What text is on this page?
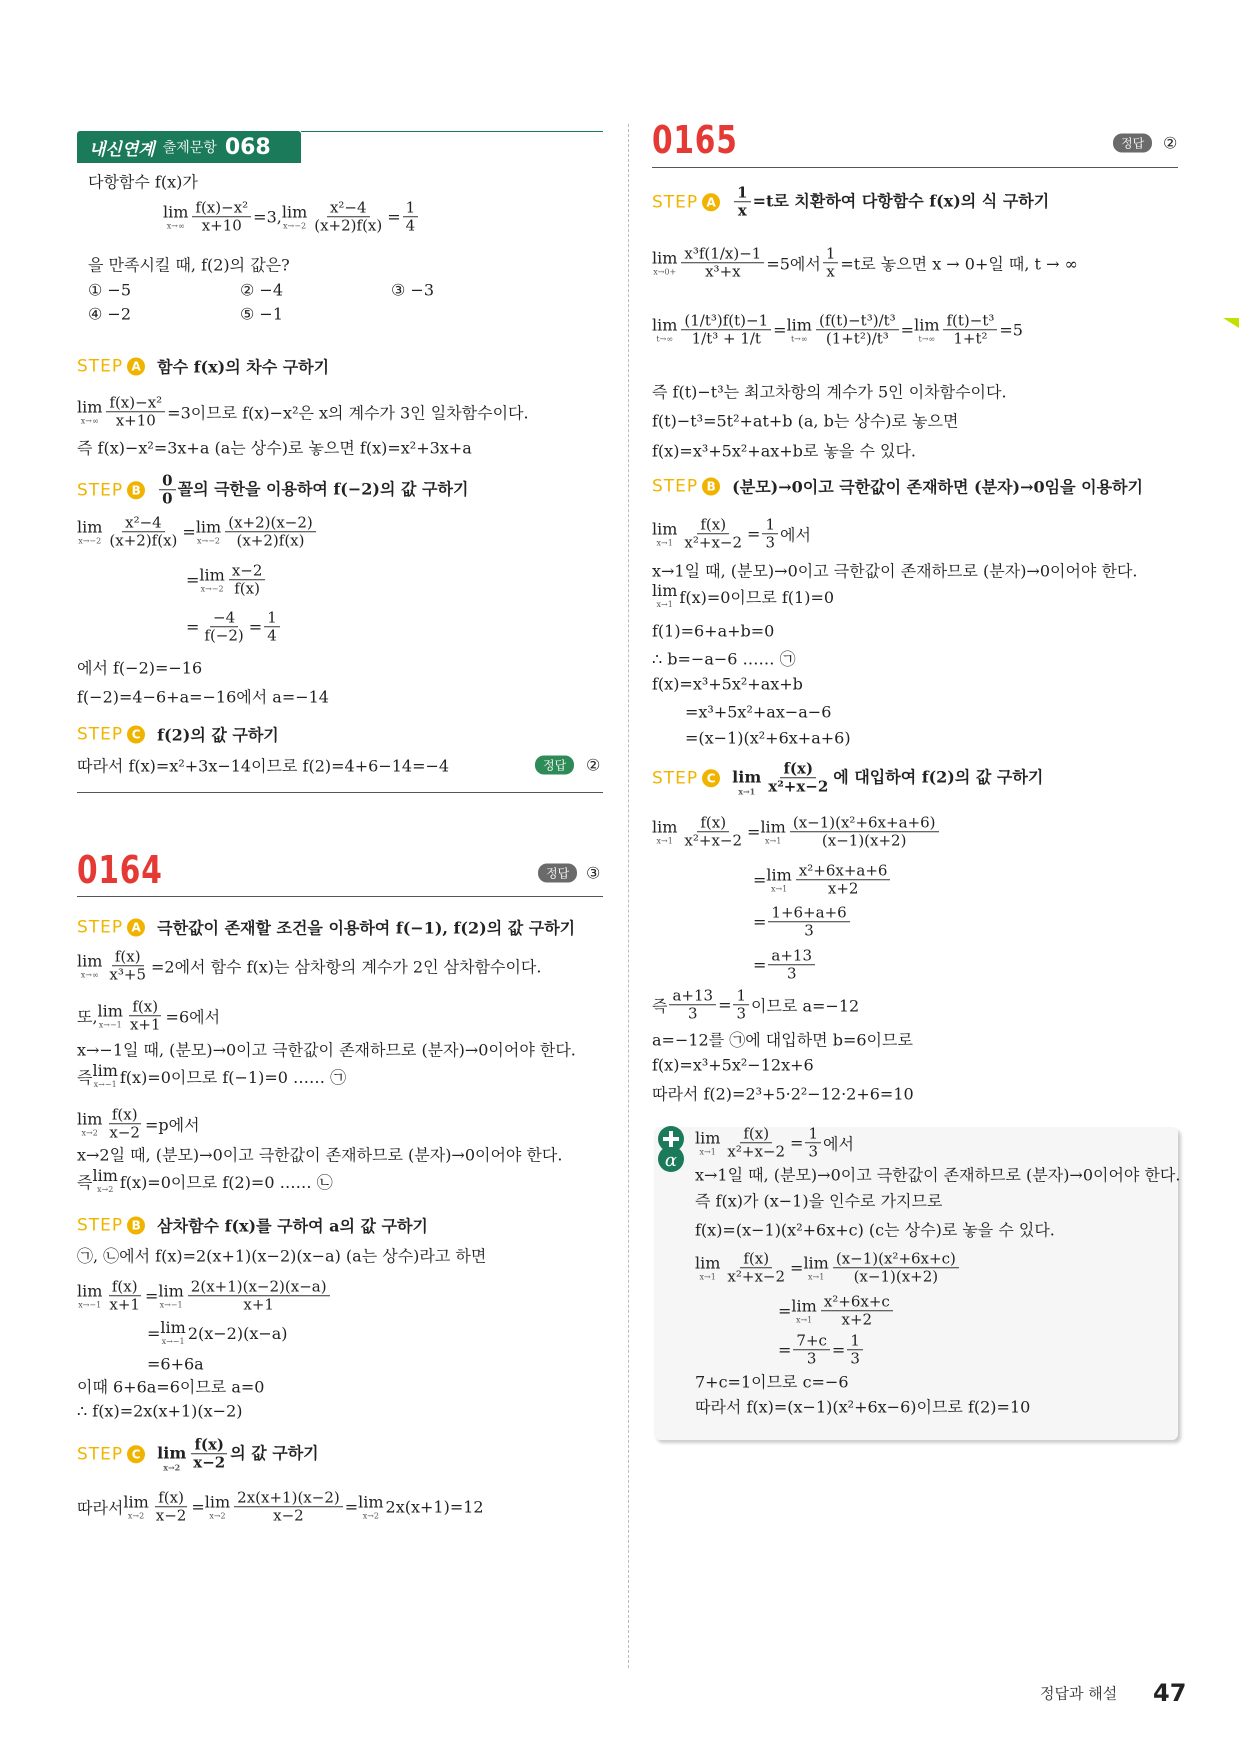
내신연계 출제문항 068
① −5	② −4	③ −3
④ −2	⑤ −1
정답	②
0164	정답	③
0165	정답	②
α
다항함수 f(x)가
lim
$x\to\infty \frac{\text{f(x)−x²}}{x+10} =3$, lim
$x\to-2 \frac{\text{x²−4}}{(x+2)f(x)} = \frac{1}{4}$
을 만족시킬 때, f(2)의 값은?
STEP A 함수 f(x)의 차수 구하기
lim
$x\to\infty \frac{\text{f(x)−x²}}{x+10} =3$이므로 f(x)−x²은 x의 계수가 3인 일차함수이다.
즉 f(x)−x²=3x+a (a는 상수)로 놓으면 f(x)=x²+3x+a
STEP B $\frac{0}{0}$ 꼴의 극한을 이용하여 f(−2)의 값 구하기
lim
$x\to-2 \frac{\text{x²−4}}{(x+2)f(x)} = \lim$
$x\to-2 \frac{(x+2)(x-2)}{(x+2)f(x)}$
= lim
$x\to-2 \frac{x-2}{f(x)}$
= $\frac{-4}{f(-2)} = \frac{1}{4}$
에서 f(−2)=−16
f(−2)=4−6+a=−16에서 a=−14
STEP C f(2)의 값 구하기
따라서 f(x)=x²+3x−14이므로 f(2)=4+6−14=−4
STEP A 극한값이 존재할 조건을 이용하여 f(−1), f(2)의 값 구하기
lim
$x\to\infty \frac{f(x)}{\text{x³+5}} =2$에서 함수 f(x)는 삼차항의 계수가 2인 삼차함수이다.
또, lim
$x\to-1 \frac{f(x)}{x+1} =6$에서
x→−1일 때, (분모)→0이고 극한값이 존재하므로 (분자)→0이어야 한다.
즉 lim
x→−1 f(x)=0이므로 f(−1)=0 …… ㉠
lim
$x\to 2 \frac{f(x)}{x-2} =p$에서
x→2일 때, (분모)→0이고 극한값이 존재하므로 (분자)→0이어야 한다.
즉 lim
x→2 f(x)=0이므로 f(2)=0 …… ㉡
STEP B 삼차함수 f(x)를 구하여 a의 값 구하기
㉠, ㉡에서 f(x)=2(x+1)(x−2)(x−a) (a는 상수)라고 하면
lim
$x\to-1 \frac{f(x)}{x+1} = \lim$
$x\to-1 \frac{2(x+1)(x-2)(x-a)}{x+1}$
= lim
x→−1 2(x−2)(x−a)
=6+6a
이때 6+6a=6이므로 a=0
∴ f(x)=2x(x+1)(x−2)
STEP C lim
$x\to 2 \frac{f(x)}{x-2}$ 의 값 구하기
따라서 lim
$x\to 2 \frac{f(x)}{x-2} = \lim$
$x\to 2 \frac{2x(x+1)(x-2)}{x-2} = \lim$
x→2 2x(x+1)=12
STEP A $\frac{1}{x} =t$로 치환하여 다항함수 f(x)의 식 구하기
lim
$x\to 0+ \frac{\text{x³f(1/x)−1}}{\text{x³+x}} =5$에서 $\frac{1}{x} =t$로 놓으면 x → 0+일 때, t → ∞
lim
$t\to\infty \frac{\text{(1/t³)f(t)−1}}{\text{1/t³ + 1/t}} = \lim$
$t\to\infty \frac{\text{(f(t)−t³)/t³}}{\text{(1+t²)/t³}} = \lim$
$t\to\infty \frac{\text{f(t)−t³}}{\text{1+t²}} =5$
즉 f(t)−t³는 최고차항의 계수가 5인 이차함수이다.
f(t)−t³=5t²+at+b (a, b는 상수)로 놓으면
f(x)=x³+5x²+ax+b로 놓을 수 있다.
STEP B (분모)→0이고 극한값이 존재하면 (분자)→0임을 이용하기
lim
$x\to 1 \frac{f(x)}{\text{x²+x−2}} = \frac{1}{3}$ 에서
x→1일 때, (분모)→0이고 극한값이 존재하므로 (분자)→0이어야 한다.
lim
x→1 f(x)=0이므로 f(1)=0
f(1)=6+a+b=0
∴ b=−a−6 …… ㉠
f(x)=x³+5x²+ax+b
=x³+5x²+ax−a−6
=(x−1)(x²+6x+a+6)
STEP C lim
$x\to 1 \frac{f(x)}{\text{x²+x−2}}$ 에 대입하여 f(2)의 값 구하기
lim
$x\to 1 \frac{f(x)}{\text{x²+x−2}} = \lim$
$x\to 1 \frac{\text{(x−1)(x²+6x+a+6)}}{(x-1)(x+2)}$
= lim
$x\to 1 \frac{\text{x²+6x+a+6}}{x+2}$
= $\frac{1+6+a+6}{3}$
= $\frac{a+13}{3}$
즉 $\frac{a+13}{3} = \frac{1}{3}$ 이므로 a=−12
a=−12를 ㉠에 대입하면 b=6이므로
f(x)=x³+5x²−12x+6
따라서 f(2)=2³+5·2²−12·2+6=10
lim
$x\to 1 \frac{f(x)}{\text{x²+x−2}} = \frac{1}{3}$ 에서
x→1일 때, (분모)→0이고 극한값이 존재하므로 (분자)→0이어야 한다.
즉 f(x)가 (x−1)을 인수로 가지므로
f(x)=(x−1)(x²+6x+c) (c는 상수)로 놓을 수 있다.
lim
$x\to 1 \frac{f(x)}{\text{x²+x−2}} = \lim$
$x\to 1 \frac{\text{(x−1)(x²+6x+c)}}{(x-1)(x+2)}$
= lim
$x\to 1 \frac{\text{x²+6x+c}}{x+2}$
= $\frac{7+c}{3} = \frac{1}{3}$
7+c=1이므로 c=−6
따라서 f(x)=(x−1)(x²+6x−6)이므로 f(2)=10
정답과 해설 47
